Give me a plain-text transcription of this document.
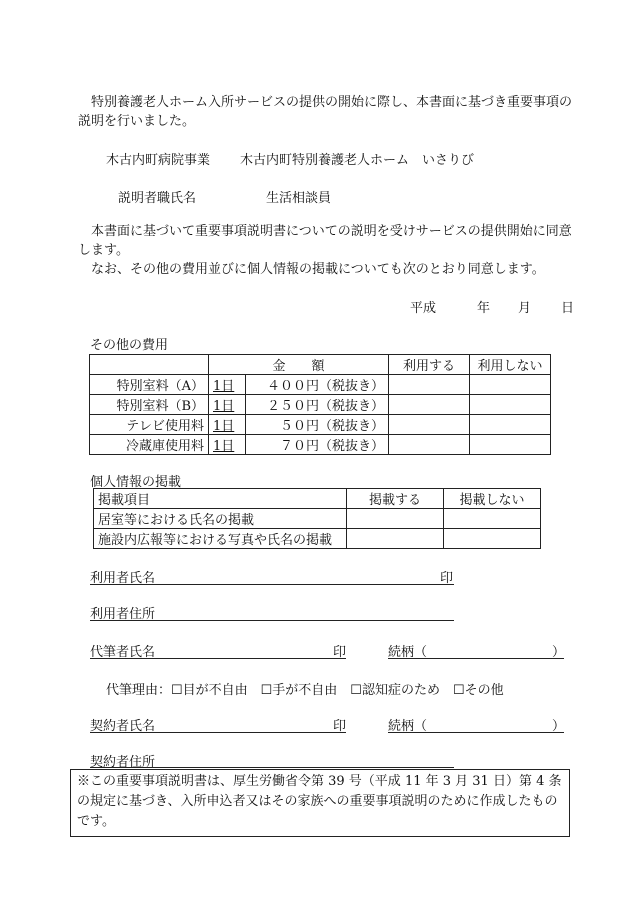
特別養護老人ホーム入所サービスの提供の開始に際し、本書面に基づき重要事項の説明を行いました。
木古内町病院事業 木古内町特別養護老人ホーム　いさりび
説明者職氏名	生活相談員
本書面に基づいて重要事項説明書についての説明を受けサービスの提供開始に同意します。
なお、その他の費用並びに個人情報の掲載についても次のとおり同意します。
平成	年 月 日
その他の費用
	金　　額		利用する	利用しない
特別室料（A）	1日	４００円（税抜き）		
特別室料（B）	1日	２５０円（税抜き）		
テレビ使用料	1日	５０円（税抜き）		
冷蔵庫使用料	1日	７０円（税抜き）		
個人情報の掲載
掲載項目	掲載する	掲載しない
居室等における氏名の掲載		
施設内広報等における写真や氏名の掲載		
利用者氏名	印
利用者住所
代筆者氏名	印	続柄（	）
代筆理由：☐目が不自由　☐手が不自由　☐認知症のため　☐その他
契約者氏名	印	続柄（	）
契約者住所
※この重要事項説明書は、厚生労働省令第 39 号（平成 11 年 3 月 31 日）第 4 条の規定に基づき、入所申込者又はその家族への重要事項説明のために作成したものです。
